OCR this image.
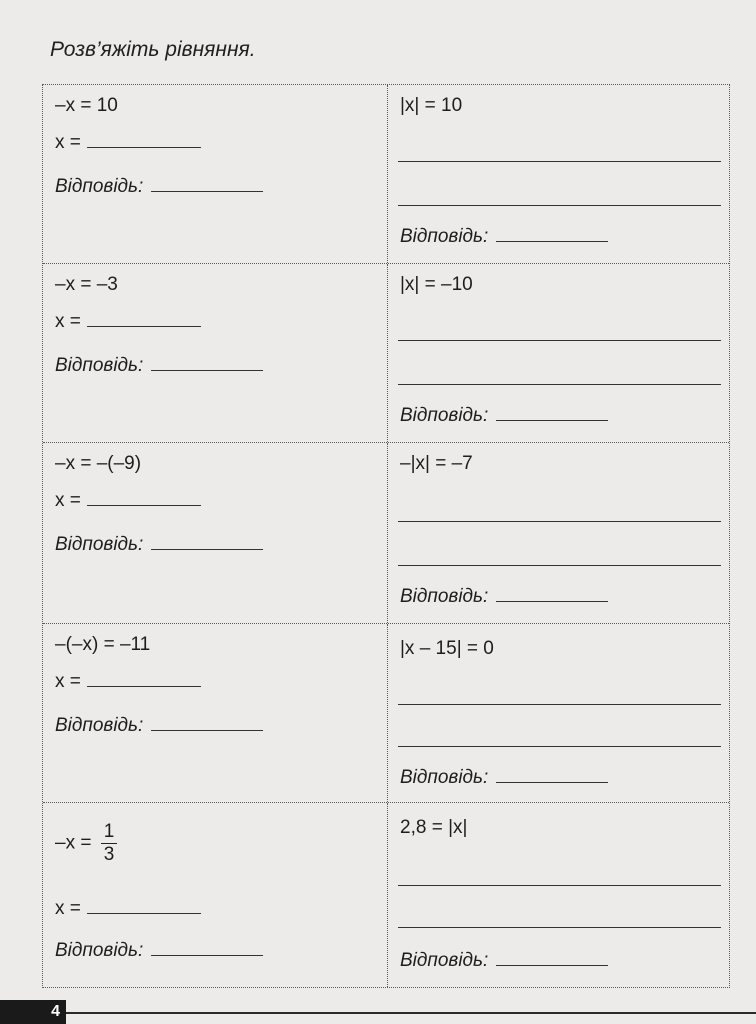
Розв’яжіть рівняння.
–x = 10
x =
Відповідь:
|x| = 10
Відповідь:
–x = –3
x =
Відповідь:
|x| = –10
Відповідь:
–x = –(–9)
x =
Відповідь:
–|x| = –7
Відповідь:
–(–x) = –11
x =
Відповідь:
|x – 15| = 0
Відповідь:
$-x = \frac{1}{3}$
x =
Відповідь:
2,8 = |x|
Відповідь:
4
